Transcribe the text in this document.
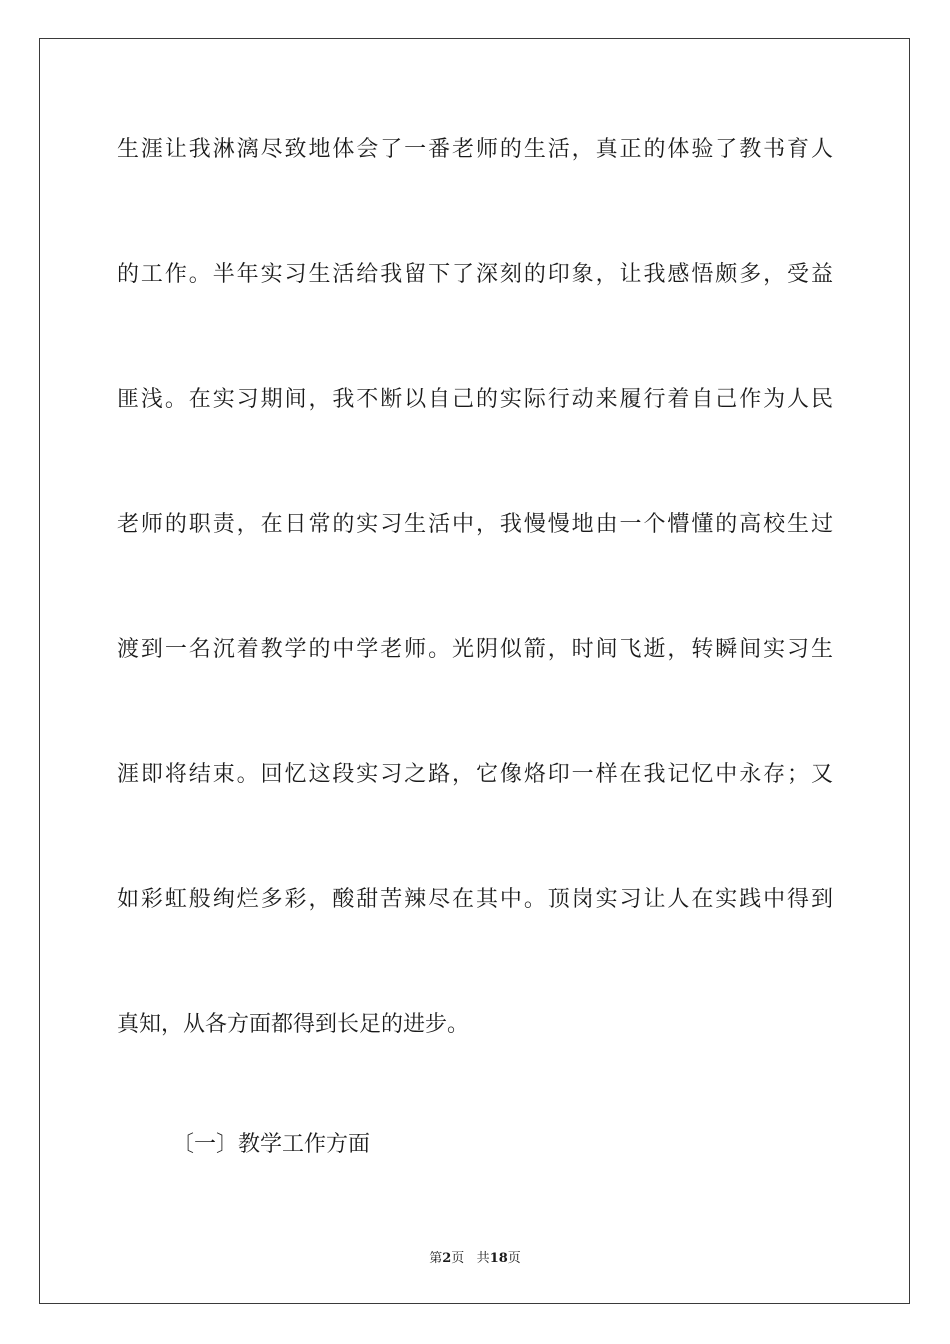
生涯让我淋漓尽致地体会了一番老师的生活，真正的体验了教书育人
的工作。半年实习生活给我留下了深刻的印象，让我感悟颇多，受益
匪浅。在实习期间，我不断以自己的实际行动来履行着自己作为人民
老师的职责，在日常的实习生活中，我慢慢地由一个懵懂的高校生过
渡到一名沉着教学的中学老师。光阴似箭，时间飞逝，转瞬间实习生
涯即将结束。回忆这段实习之路，它像烙印一样在我记忆中永存；又
如彩虹般绚烂多彩，酸甜苦辣尽在其中。顶岗实习让人在实践中得到
真知，从各方面都得到长足的进步。
〔一〕教学工作方面
第2页 共18页
